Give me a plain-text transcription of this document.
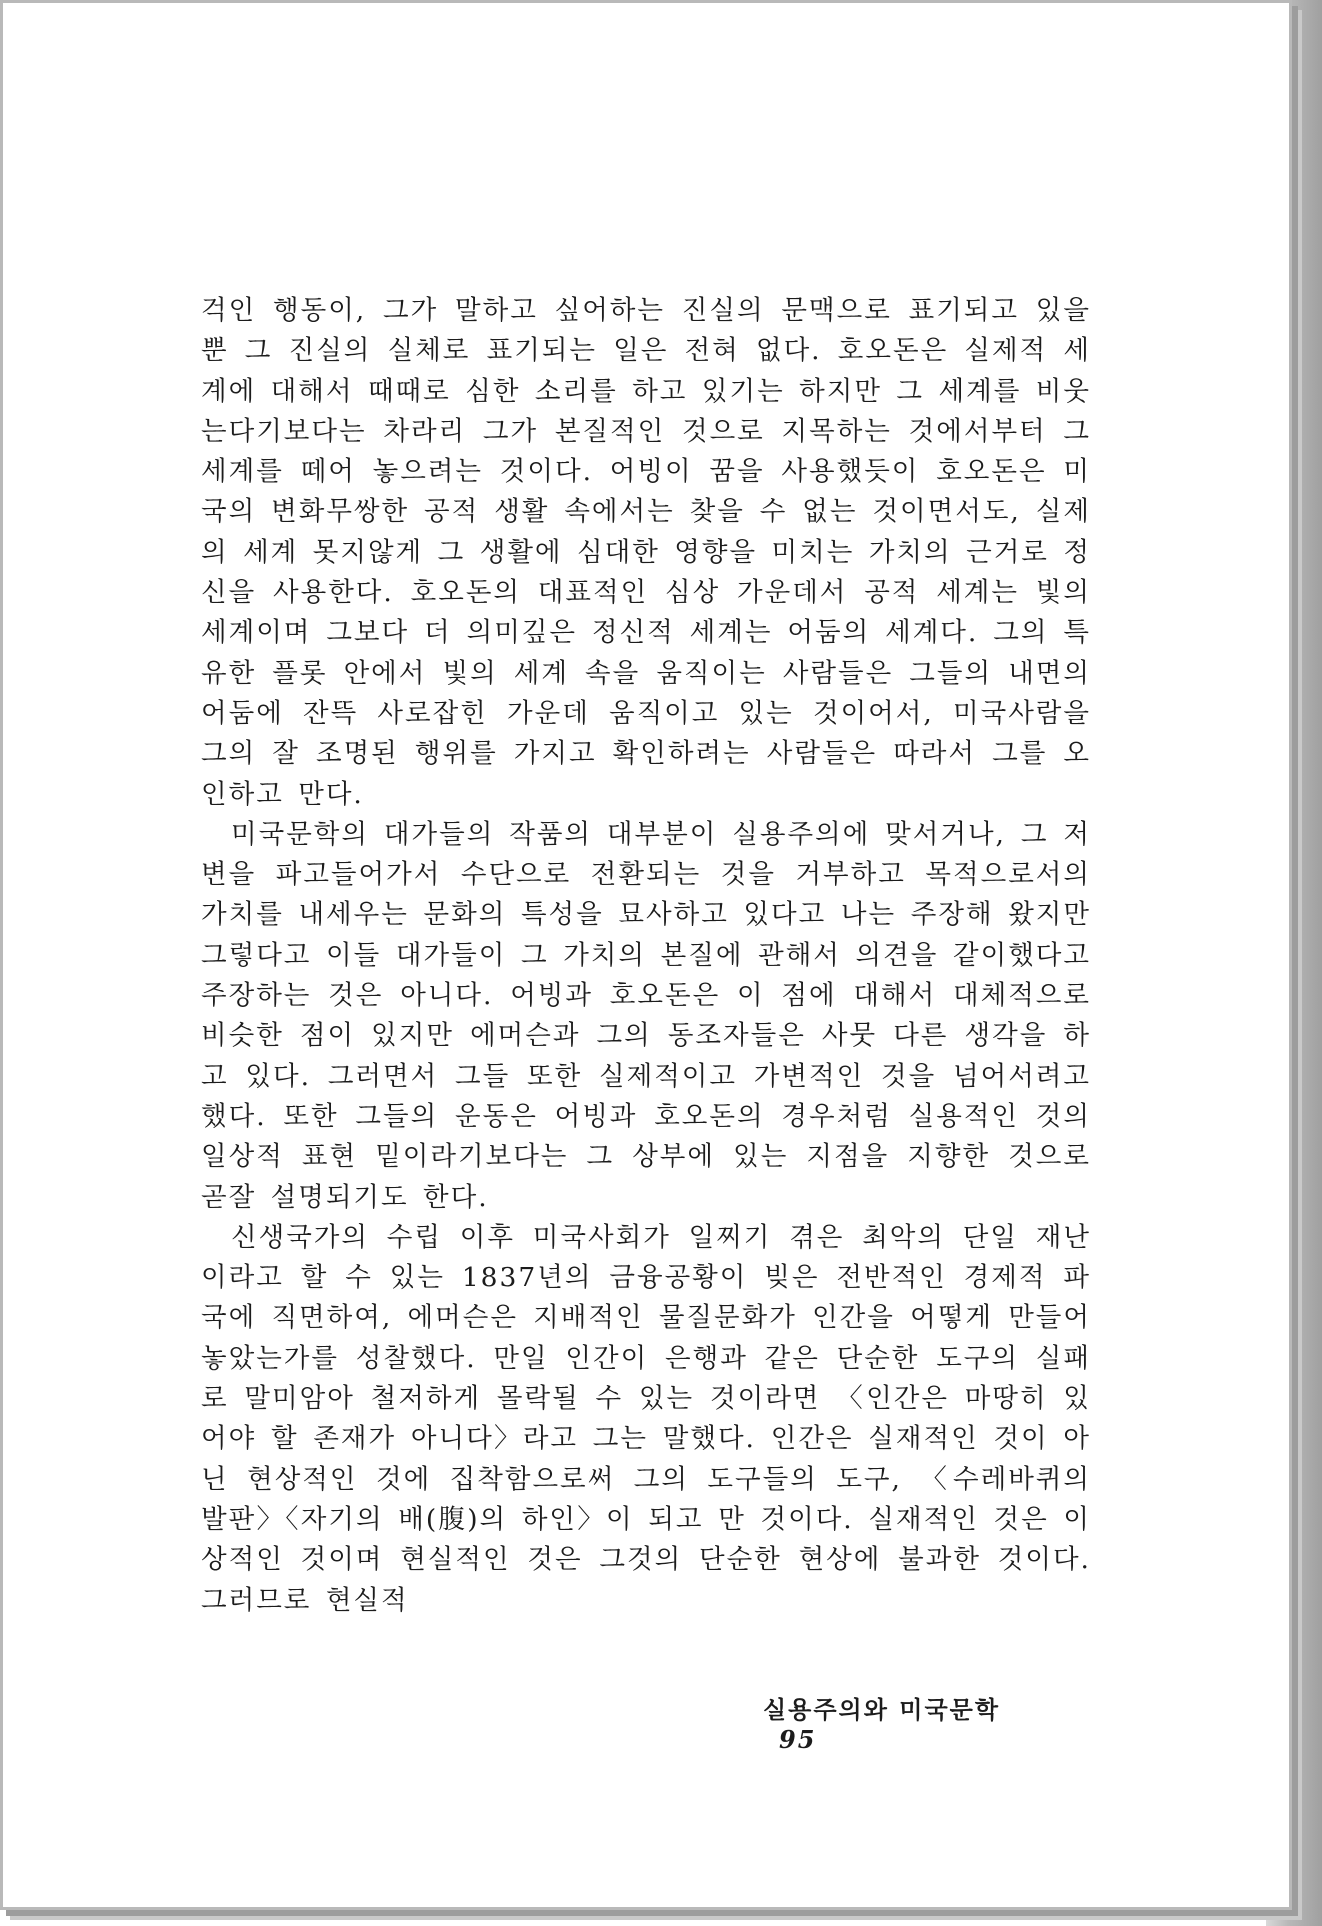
걱인 행동이, 그가 말하고 싶어하는 진실의 문맥으로 표기되고 있을 뿐 그 진실의 실체로 표기되는 일은 전혀 없다. 호오돈은 실제적 세계에 대해서 때때로 심한 소리를 하고 있기는 하지만 그 세계를 비웃는다기보다는 차라리 그가 본질적인 것으로 지목하는 것에서부터 그 세계를 떼어 놓으려는 것이다. 어빙이 꿈을 사용했듯이 호오돈은 미국의 변화무쌍한 공적 생활 속에서는 찾을 수 없는 것이면서도, 실제의 세계 못지않게 그 생활에 심대한 영향을 미치는 가치의 근거로 정신을 사용한다. 호오돈의 대표적인 심상 가운데서 공적 세계는 빛의 세계이며 그보다 더 의미깊은 정신적 세계는 어둠의 세계다. 그의 특유한 플롯 안에서 빛의 세계 속을 움직이는 사람들은 그들의 내면의 어둠에 잔뜩 사로잡힌 가운데 움직이고 있는 것이어서, 미국사람을 그의 잘 조명된 행위를 가지고 확인하려는 사람들은 따라서 그를 오인하고 만다.

미국문학의 대가들의 작품의 대부분이 실용주의에 맞서거나, 그 저변을 파고들어가서 수단으로 전환되는 것을 거부하고 목적으로서의 가치를 내세우는 문화의 특성을 묘사하고 있다고 나는 주장해 왔지만 그렇다고 이들 대가들이 그 가치의 본질에 관해서 의견을 같이했다고 주장하는 것은 아니다. 어빙과 호오돈은 이 점에 대해서 대체적으로 비슷한 점이 있지만 에머슨과 그의 동조자들은 사뭇 다른 생각을 하고 있다. 그러면서 그들 또한 실제적이고 가변적인 것을 넘어서려고 했다. 또한 그들의 운동은 어빙과 호오돈의 경우처럼 실용적인 것의 일상적 표현 밑이라기보다는 그 상부에 있는 지점을 지향한 것으로 곧잘 설명되기도 한다.

신생국가의 수립 이후 미국사회가 일찌기 겪은 최악의 단일 재난이라고 할 수 있는 1837년의 금융공황이 빚은 전반적인 경제적 파국에 직면하여, 에머슨은 지배적인 물질문화가 인간을 어떻게 만들어 놓았는가를 성찰했다. 만일 인간이 은행과 같은 단순한 도구의 실패로 말미암아 철저하게 몰락될 수 있는 것이라면 〈인간은 마땅히 있어야 할 존재가 아니다〉라고 그는 말했다. 인간은 실재적인 것이 아닌 현상적인 것에 집착함으로써 그의 도구들의 도구, 〈수레바퀴의 발판〉〈자기의 배(腹)의 하인〉이 되고 만 것이다. 실재적인 것은 이상적인 것이며 현실적인 것은 그것의 단순한 현상에 불과한 것이다. 그러므로 현실적

실용주의와 미국문학 95
